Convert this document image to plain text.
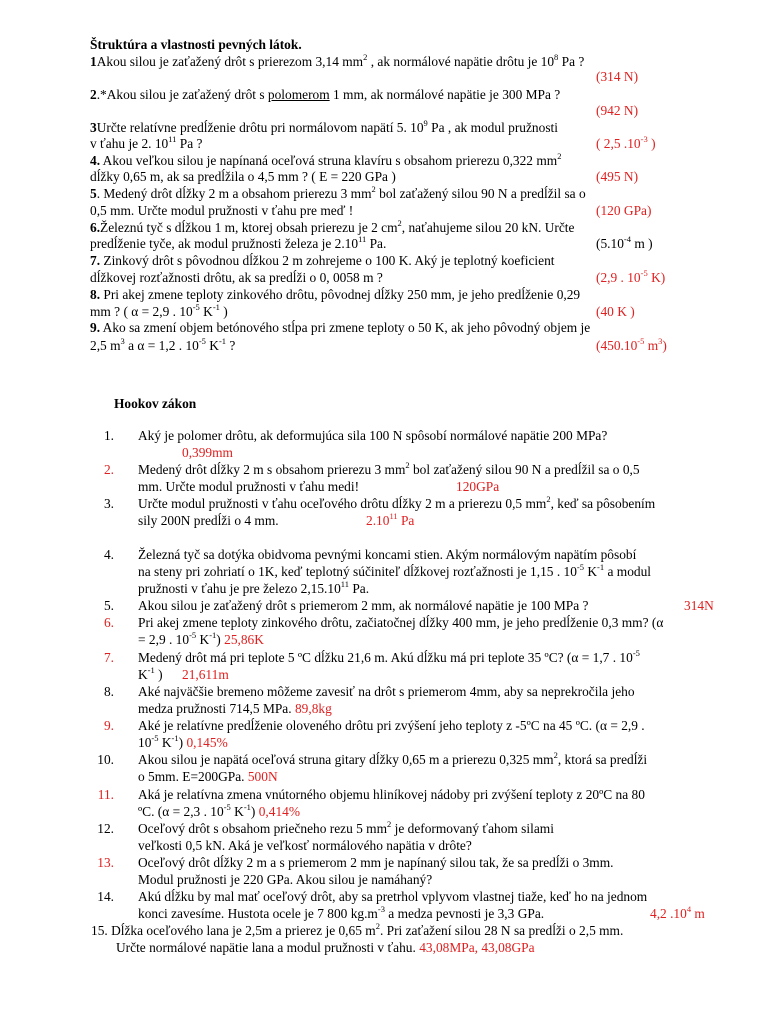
Štruktúra a vlastnosti pevných látok.
1Akou silou je zaťažený drôt s prierezom 3,14 $mm^2$ , ak normálové napätie drôtu je $10^8$ Pa ?
(314 N)
2.*Akou silou je zaťažený drôt s polomerom 1 mm, ak normálové napätie je 300 MPa ?
(942 N)
3Určte relatívne predĺženie drôtu pri normálovom napätí 5. $10^9$ Pa , ak modul pružnosti
v ťahu je 2. $10^{11}$ Pa ?	( 2,5 $.10^{-3}$ )
4. Akou veľkou silou je napínaná oceľová struna klavíru s obsahom prierezu 0,322 $mm^2$
dĺžky 0,65 m, ak sa predĺžila o 4,5 mm ? ( E = 220 GPa )	(495 N)
5. Medený drôt dĺžky 2 m a obsahom prierezu 3 $mm^2$ bol zaťažený silou 90 N a predĺžil sa o
0,5 mm. Určte modul pružnosti v ťahu pre meď !	(120 GPa)
6.Železnú tyč s dĺžkou 1 m, ktorej obsah prierezu je 2 $cm^2$, naťahujeme silou 20 kN. Určte
predĺženie tyče, ak modul pružnosti železa je 2.10$^{11}$ Pa.	($5.10^{-4}$ m )
7. Zinkový drôt s pôvodnou dĺžkou 2 m zohrejeme o 100 K. Aký je teplotný koeficient
dĺžkovej rozťažnosti drôtu, ak sa predĺži o 0, 0058 m ?	(2,9 . $10^{-5}$ K)
8. Pri akej zmene teploty zinkového drôtu, pôvodnej dĺžky 250 mm, je jeho predĺženie 0,29
mm ? ( α = 2,9 . $10^{-5}$ $K^{-1}$ )	(40 K )
9. Ako sa zmení objem betónového stĺpa pri zmene teploty o 50 K, ak jeho pôvodný objem je
2,5 $m^3$ a α = 1,2 . $10^{-5}$ $K^{-1}$ ?	($450.10^{-5}$ $m^3$)
Hookov zákon
1. Aký je polomer drôtu, ak deformujúca sila 100 N spôsobí normálové napätie 200 MPa?
0,399mm
2. Medený drôt dĺžky 2 m s obsahom prierezu 3 $mm^2$ bol zaťažený silou 90 N a predĺžil sa o 0,5
mm. Určte modul pružnosti v ťahu medi!	120GPa
3. Určte modul pružnosti v ťahu oceľového drôtu dĺžky 2 m a prierezu 0,5 $mm^2$, keď sa pôsobením
sily 200N predĺži o 4 mm.	2.10$^{11}$ Pa
4. Železná tyč sa dotýka obidvoma pevnými koncami stien. Akým normálovým napätím pôsobí
na steny pri zohriatí o 1K, keď teplotný súčiniteľ dĺžkovej rozťažnosti je 1,15 . $10^{-5}$ $K^{-1}$ a modul
pružnosti v ťahu je pre železo 2,15.10$^{11}$ Pa.
5. Akou silou je zaťažený drôt s priemerom 2 mm, ak normálové napätie je 100 MPa ?	314N
6. Pri akej zmene teploty zinkového drôtu, začiatočnej dĺžky 400 mm, je jeho predĺženie 0,3 mm? (α
= 2,9 . $10^{-5}$ $K^{-1}$) 25,86K
7. Medený drôt má pri teplote 5 ºC dĺžku 21,6 m. Akú dĺžku má pri teplote 35 ºC? (α = 1,7 . $10^{-5}$
$K^{-1}$ ) 21,611m
8. Aké najväčšie bremeno môžeme zavesiť na drôt s priemerom 4mm, aby sa neprekročila jeho
medza pružnosti 714,5 MPa. 89,8kg
9. Aké je relatívne predĺženie oloveného drôtu pri zvýšení jeho teploty z -5ºC na 45 ºC. (α = 2,9 .
$10^{-5}$ $K^{-1}$) 0,145%
10. Akou silou je napätá oceľová struna gitary dĺžky 0,65 m a prierezu 0,325 $mm^2$, ktorá sa predĺži
o 5mm. E=200GPa. 500N
11. Aká je relatívna zmena vnútorného objemu hliníkovej nádoby pri zvýšení teploty z 20ºC na 80
ºC. (α = 2,3 . $10^{-5}$ $K^{-1}$) 0,414%
12. Oceľový drôt s obsahom priečneho rezu 5 $mm^2$ je deformovaný ťahom silami
veľkosti 0,5 kN. Aká je veľkosť normálového napätia v drôte?
13. Oceľový drôt dĺžky 2 m a s priemerom 2 mm je napínaný silou tak, že sa predĺži o 3mm.
Modul pružnosti je 220 GPa. Akou silou je namáhaný?
14. Akú dĺžku by mal mať oceľový drôt, aby sa pretrhol vplyvom vlastnej tiaže, keď ho na jednom
konci zavesíme. Hustota ocele je 7 800 $kg.m^{-3}$ a medza pevnosti je 3,3 GPa.	4,2 $.10^4$ m
15. Dĺžka oceľového lana je 2,5m a prierez je 0,65 $m^2$. Pri zaťažení silou 28 N sa predĺži o 2,5 mm.
Určte normálové napätie lana a modul pružnosti v ťahu. 43,08MPa, 43,08GPa
